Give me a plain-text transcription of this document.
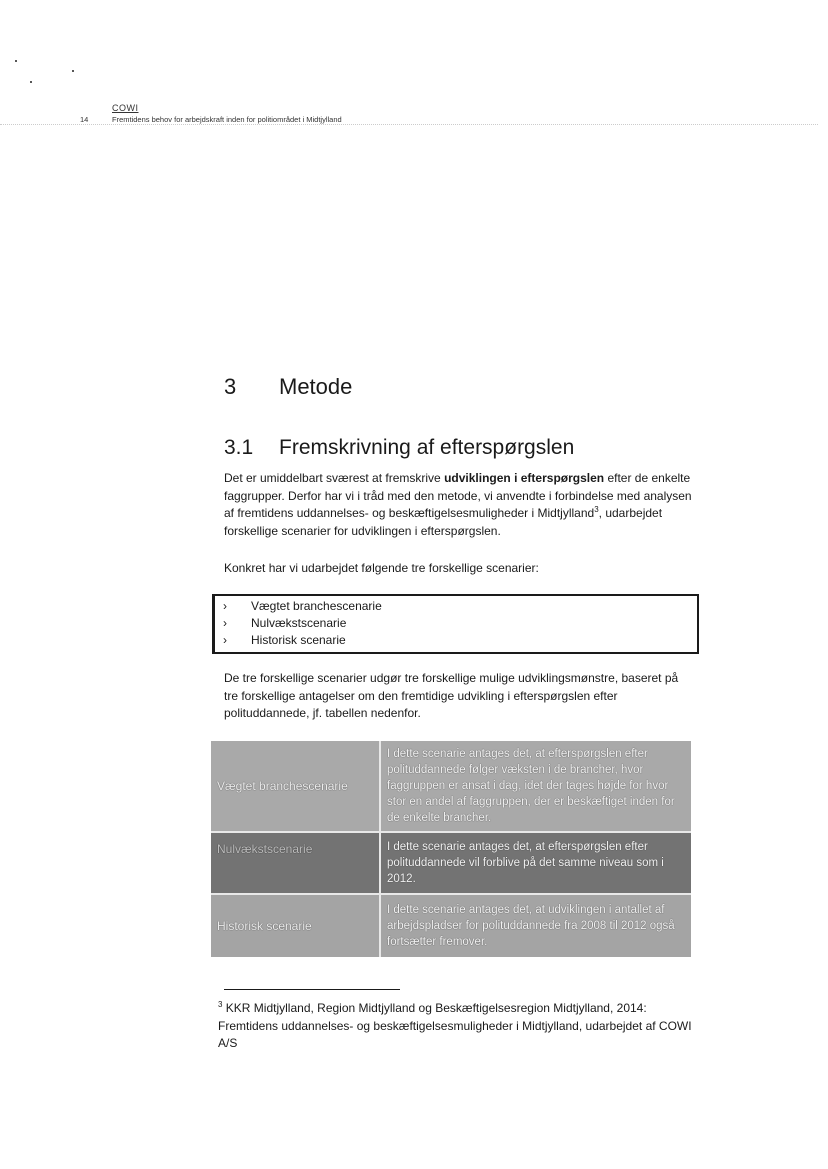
COWI
14	Fremtidens behov for arbejdskraft inden for politiområdet i Midtjylland
3 Metode
3.1 Fremskrivning af efterspørgslen

Det er umiddelbart sværest at fremskrive udviklingen i efterspørgslen efter de enkelte faggrupper. Derfor har vi i tråd med den metode, vi anvendte i forbindelse med analysen af fremtidens uddannelses- og beskæftigelsesmuligheder i Midtjylland$^3$, udarbejdet forskellige scenarier for udviklingen i efterspørgslen.

Konkret har vi udarbejdet følgende tre forskellige scenarier:

› Vægtet branchescenarie
› Nulvækstscenarie
› Historisk scenarie

De tre forskellige scenarier udgør tre forskellige mulige udviklingsmønstre, baseret på tre forskellige antagelser om den fremtidige udvikling i efterspørgslen efter polituddannede, jf. tabellen nedenfor.

Vægtet branchescenarie	I dette scenarie antages det, at efterspørgslen efter polituddannede følger væksten i de brancher, hvor faggruppen er ansat i dag, idet der tages højde for hvor stor en andel af faggruppen, der er beskæftiget inden for de enkelte brancher.
Nulvækstscenarie	I dette scenarie antages det, at efterspørgslen efter polituddannede vil forblive på det samme niveau som i 2012.
Historisk scenarie	I dette scenarie antages det, at udviklingen i antallet af arbejdspladser for polituddannede fra 2008 til 2012 også fortsætter fremover.

$^3$ KKR Midtjylland, Region Midtjylland og Beskæftigelsesregion Midtjylland, 2014: Fremtidens uddannelses- og beskæftigelsesmuligheder i Midtjylland, udarbejdet af COWI A/S
